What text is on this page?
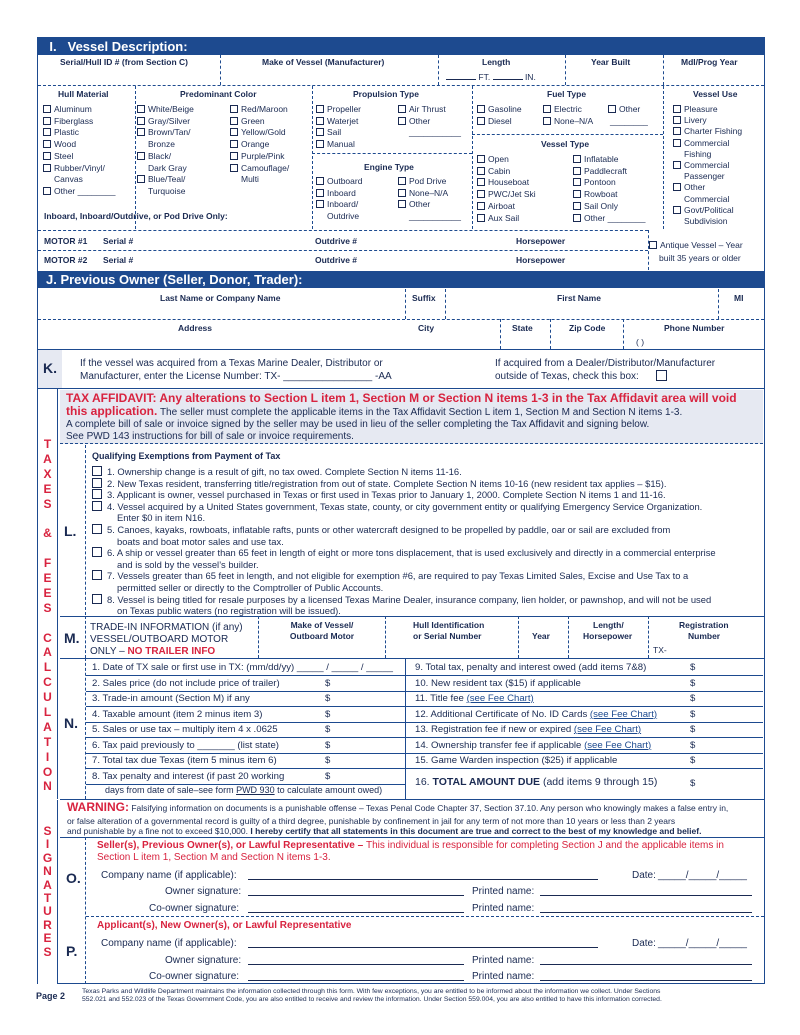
I. Vessel Description:
Serial/Hull ID # (from Section C)	Make of Vessel (Manufacturer)	Length	Year Built	Mdl/Prog Year
FT.	IN.
Hull Material	Predominant Color	Propulsion Type
Engine Type
Fuel Type
Vessel Type
Vessel Use
Inboard, Inboard/Outdrive, or Pod Drive Only:
MOTOR #1 Serial #	Outdrive #	Horsepower
MOTOR #2 Serial #	Outdrive #	Horsepower
Antique Vessel – Year
built 35 years or older
J. Previous Owner (Seller, Donor, Trader):
Last Name or Company Name	Suffix	First Name	MI
Address	City	State	Zip Code	Phone Number
( )
K. If the vessel was acquired from a Texas Marine Dealer, Distributor or
Manufacturer, enter the License Number: TX- ________________ -AA
If acquired from a Dealer/Distributor/Manufacturer
outside of Texas, check this box:
T
A
X
E
S
&
F
E
E
S
C
A
L
C
U
L
A
T
I
O
N
S
I
G
N
A
T
U
R
E
S
TAX AFFIDAVIT: Any alterations to Section L item 1, Section M or Section N items 1-3 in the Tax Affidavit area will void
this application. The seller must complete the applicable items in the Tax Affidavit Section L item 1, Section M and Section N items 1-3.
A complete bill of sale or invoice signed by the seller may be used in lieu of the seller completing the Tax Affidavit and signing below.
See PWD 143 instructions for bill of sale or invoice requirements.
L.
Qualifying Exemptions from Payment of Tax
M.
TRADE-IN INFORMATION (if any)
VESSEL/OUTBOARD MOTOR
ONLY – NO TRAILER INFO
Make of Vessel/
Outboard Motor
Hull Identification
or Serial Number	Year
Length/
Horsepower
Registration
Number
TX-
N.
WARNING: Falsifying information on documents is a punishable offense – Texas Penal Code Chapter 37, Section 37.10. Any person who knowingly makes a false entry in,
or false alteration of a governmental record is guilty of a third degree, punishable by confinement in jail for any term of not more than 10 years or less than 2 years
and punishable by a fine not to exceed $10,000. I hereby certify that all statements in this document are true and correct to the best of my knowledge and belief.
O.
Seller(s), Previous Owner(s), or Lawful Representative – This individual is responsible for completing Section J and the applicable items in
Section L item 1, Section M and Section N items 1-3.
Company name (if applicable):	Date: _____/_____/_____
Owner signature:	Printed name:
Co-owner signature:	Printed name:
P.
Applicant(s), New Owner(s), or Lawful Representative
Company name (if applicable):	Date: _____/_____/_____
Owner signature:	Printed name:
Co-owner signature:	Printed name:
Page 2 Texas Parks and Wildlife Department maintains the information collected through this form. With few exceptions, you are entitled to be informed about the information we collect. Under Sections
552.021 and 552.023 of the Texas Government Code, you are also entitled to receive and review the information. Under Section 559.004, you are also entitled to have this information corrected.
Aluminum
Fiberglass
Plastic
Wood
Steel
Rubber/Vinyl/
Canvas
Other ________
White/Beige
Gray/Silver
Brown/Tan/
Bronze
Black/
Dark Gray
Blue/Teal/
Turquoise
Red/Maroon
Green
Yellow/Gold
Orange
Purple/Pink
Camouflage/
Multi
Propeller
Waterjet
Sail
Manual
Air Thrust
Other
___________
Outboard
Inboard
Inboard/
Outdrive
Pod Drive
None–N/A
Other
___________
Gasoline	Electric	Other
Diesel	None–N/A ________
Open
Cabin
Houseboat
PWC/Jet Ski
Airboat
Aux Sail
Inflatable
Paddlecraft
Pontoon
Rowboat
Sail Only
Other ________
Pleasure
Livery
Charter Fishing
Commercial
Fishing
Commercial
Passenger
Other
Commercial
Govt/Political
Subdivision
1. Ownership change is a result of gift, no tax owed. Complete Section N items 11-16.
2. New Texas resident, transferring title/registration from out of state. Complete Section N items 10-16 (new resident tax applies – $15).
3. Applicant is owner, vessel purchased in Texas or first used in Texas prior to January 1, 2000. Complete Section N items 1 and 11-16.
4. Vessel acquired by a United States government, Texas state, county, or city government entity or qualifying Emergency Service Organization.
Enter $0 in item N16.
5. Canoes, kayaks, rowboats, inflatable rafts, punts or other watercraft designed to be propelled by paddle, oar or sail are excluded from
boats and boat motor sales and use tax.
6. A ship or vessel greater than 65 feet in length of eight or more tons displacement, that is used exclusively and directly in a commercial enterprise
and is sold by the vessel’s builder.
7. Vessels greater than 65 feet in length, and not eligible for exemption #6, are required to pay Texas Limited Sales, Excise and Use Tax to a
permitted seller or directly to the Comptroller of Public Accounts.
8. Vessel is being titled for resale purposes by a licensed Texas Marine Dealer, insurance company, lien holder, or pawnshop, and will not be used
on Texas public waters (no registration will be issued).
1. Date of TX sale or first use in TX: (mm/dd/yy) _____ / _____ / _____
2. Sales price (do not include price of trailer)	$
3. Trade-in amount (Section M) if any	$
4. Taxable amount (item 2 minus item 3)	$
5. Sales or use tax – multiply item 4 x .0625	$
6. Tax paid previously to _______ (list state)	$
7. Total tax due Texas (item 5 minus item 6)	$
8. Tax penalty and interest (if past 20 working	$
days from date of sale–see form PWD 930 to calculate amount owed)
9. Total tax, penalty and interest owed (add items 7&8)	$
10. New resident tax ($15) if applicable	$
11. Title fee (see Fee Chart)	$
12. Additional Certificate of No. ID Cards (see Fee Chart)	$
13. Registration fee if new or expired (see Fee Chart)	$
14. Ownership transfer fee if applicable (see Fee Chart)	$
15. Game Warden inspection ($25) if applicable	$
16. TOTAL AMOUNT DUE (add items 9 through 15)	$
